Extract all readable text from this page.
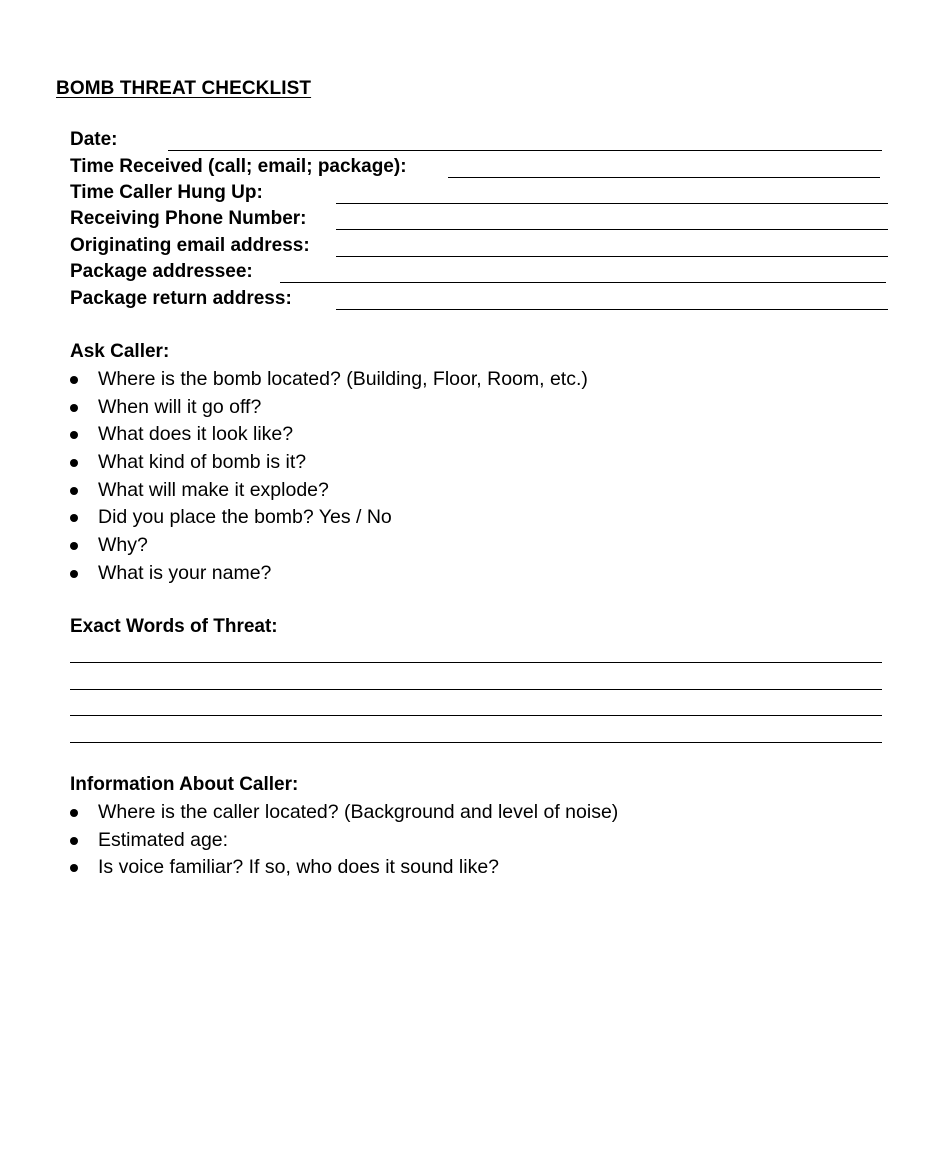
BOMB THREAT CHECKLIST
Date:
Time Received (call; email; package):
Time Caller Hung Up:
Receiving Phone Number:
Originating email address:
Package addressee:
Package return address:
Ask Caller:
Where is the bomb located? (Building, Floor, Room, etc.)
When will it go off?
What does it look like?
What kind of bomb is it?
What will make it explode?
Did you place the bomb? Yes / No
Why?
What is your name?
Exact Words of Threat:
Information About Caller:
Where is the caller located? (Background and level of noise)
Estimated age:
Is voice familiar? If so, who does it sound like?
